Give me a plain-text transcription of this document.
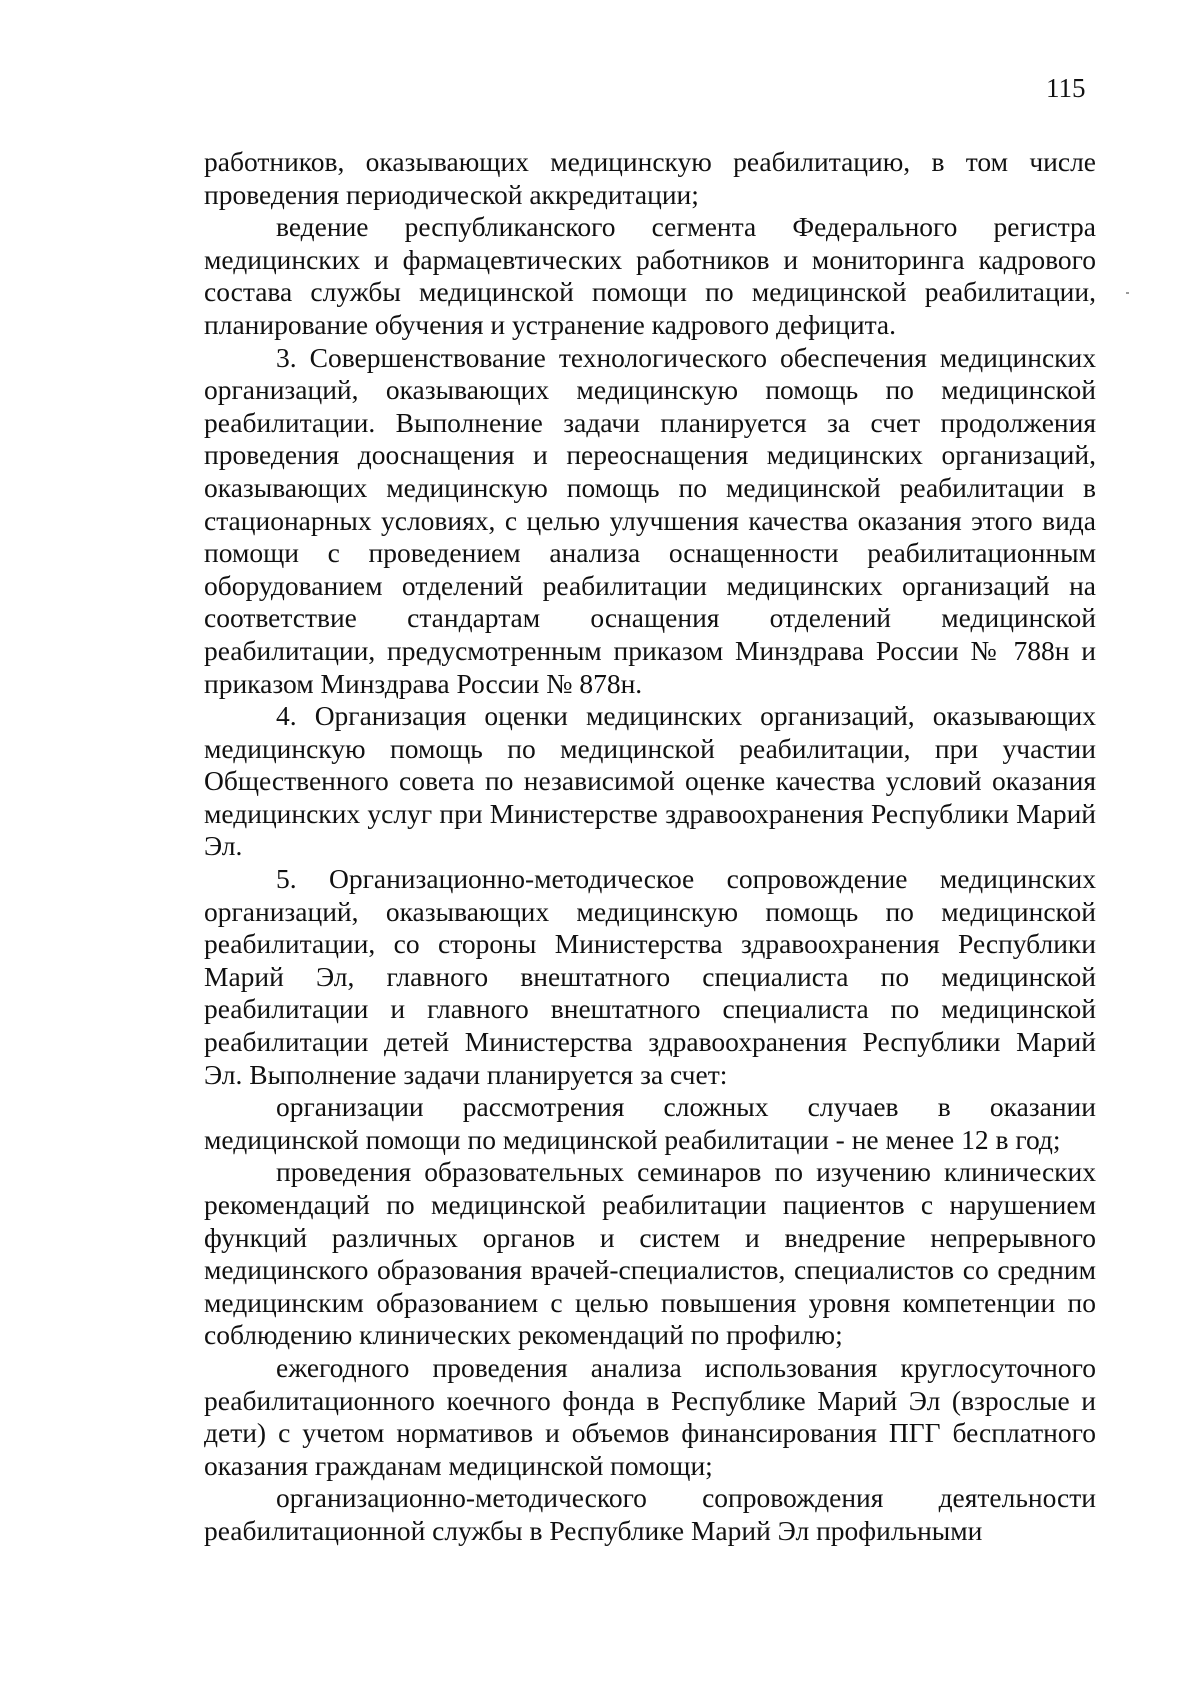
115

работников, оказывающих медицинскую реабилитацию, в том числе проведения периодической аккредитации;

ведение республиканского сегмента Федерального регистра медицинских и фармацевтических работников и мониторинга кадрового состава службы медицинской помощи по медицинской реабилитации, планирование обучения и устранение кадрового дефицита.

3. Совершенствование технологического обеспечения медицинских организаций, оказывающих медицинскую помощь по медицинской реабилитации. Выполнение задачи планируется за счет продолжения проведения дооснащения и переоснащения медицинских организаций, оказывающих медицинскую помощь по медицинской реабилитации в стационарных условиях, с целью улучшения качества оказания этого вида помощи с проведением анализа оснащенности реабилитационным оборудованием отделений реабилитации медицинских организаций на соответствие стандартам оснащения отделений медицинской реабилитации, предусмотренным приказом Минздрава России № 788н и приказом Минздрава России № 878н.

4. Организация оценки медицинских организаций, оказывающих медицинскую помощь по медицинской реабилитации, при участии Общественного совета по независимой оценке качества условий оказания медицинских услуг при Министерстве здравоохранения Республики Марий Эл.

5. Организационно-методическое сопровождение медицинских организаций, оказывающих медицинскую помощь по медицинской реабилитации, со стороны Министерства здравоохранения Республики Марий Эл, главного внештатного специалиста по медицинской реабилитации и главного внештатного специалиста по медицинской реабилитации детей Министерства здравоохранения Республики Марий Эл. Выполнение задачи планируется за счет:

организации рассмотрения сложных случаев в оказании медицинской помощи по медицинской реабилитации - не менее 12 в год;

проведения образовательных семинаров по изучению клинических рекомендаций по медицинской реабилитации пациентов с нарушением функций различных органов и систем и внедрение непрерывного медицинского образования врачей-специалистов, специалистов со средним медицинским образованием с целью повышения уровня компетенции по соблюдению клинических рекомендаций по профилю;

ежегодного проведения анализа использования круглосуточного реабилитационного коечного фонда в Республике Марий Эл (взрослые и дети) с учетом нормативов и объемов финансирования ПГГ бесплатного оказания гражданам медицинской помощи;

организационно-методического сопровождения деятельности реабилитационной службы в Республике Марий Эл профильными
